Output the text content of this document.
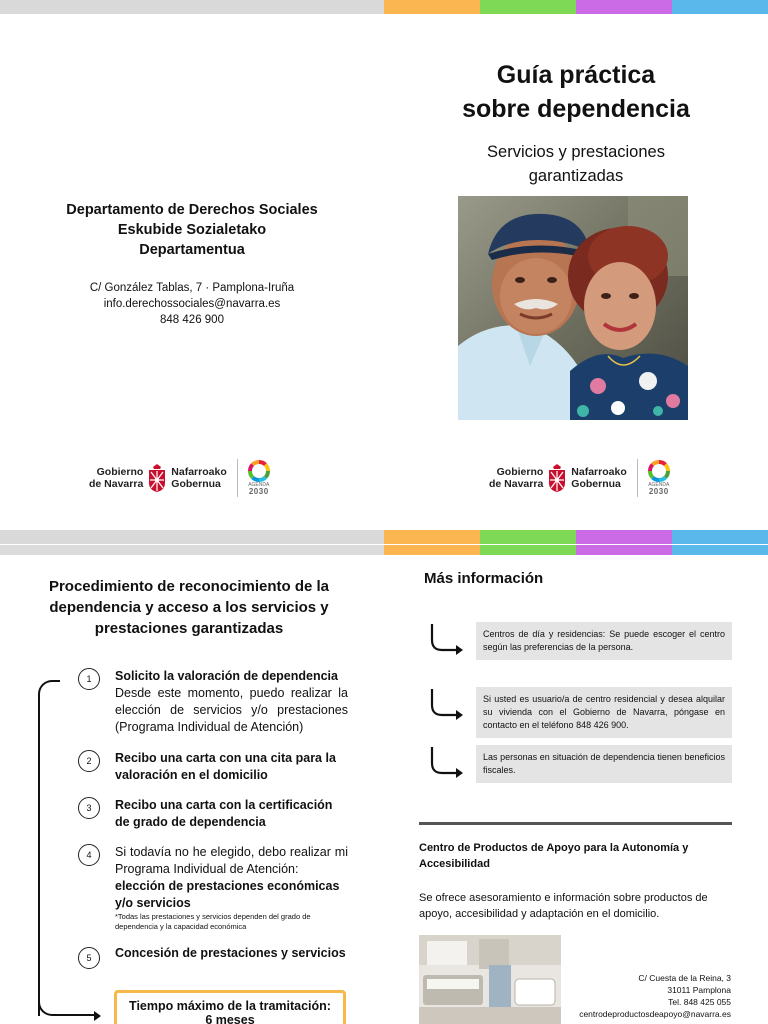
Departamento de Derechos Sociales
Eskubide Sozialetako
Departamentua
C/ González Tablas, 7 · Pamplona-Iruña
info.derechossociales@navarra.es
848 426 900
Gobierno
de Navarra
Nafarroako
Gobernua	AGENDA
2030
Guía práctica
sobre dependencia
Servicios y prestaciones
garantizadas
Gobierno
de Navarra
Nafarroako
Gobernua	AGENDA
2030
Procedimiento de reconocimiento de la dependencia y acceso a los servicios y prestaciones garantizadas
1	Solicito la valoración de dependencia
Desde este momento, puedo realizar la elección de servicios y/o prestaciones (Programa Individual de Atención)
2	Recibo una carta con una cita para la valoración en el domicilio
3	Recibo una carta con la certificación de grado de dependencia
4	Si todavía no he elegido, debo realizar mi Programa Individual de Atención:
elección de prestaciones económicas y/o servicios
*Todas las prestaciones y servicios dependen del grado de dependencia y la capacidad económica
5	Concesión de prestaciones y servicios
Tiempo máximo de la tramitación:
6 meses
Más información
Centros de día y residencias: Se puede escoger el centro según las preferencias de la persona.
Si usted es usuario/a de centro residencial y desea alquilar su vivienda con el Gobierno de Navarra, póngase en contacto en el teléfono 848 426 900.
Las personas en situación de dependencia tienen beneficios fiscales.
Centro de Productos de Apoyo para la Autonomía y Accesibilidad
Se ofrece asesoramiento e información sobre productos de apoyo, accesibilidad y adaptación en el domicilio.
C/ Cuesta de la Reina, 3
31011 Pamplona
Tel. 848 425 055
centrodeproductosdeapoyo@navarra.es
